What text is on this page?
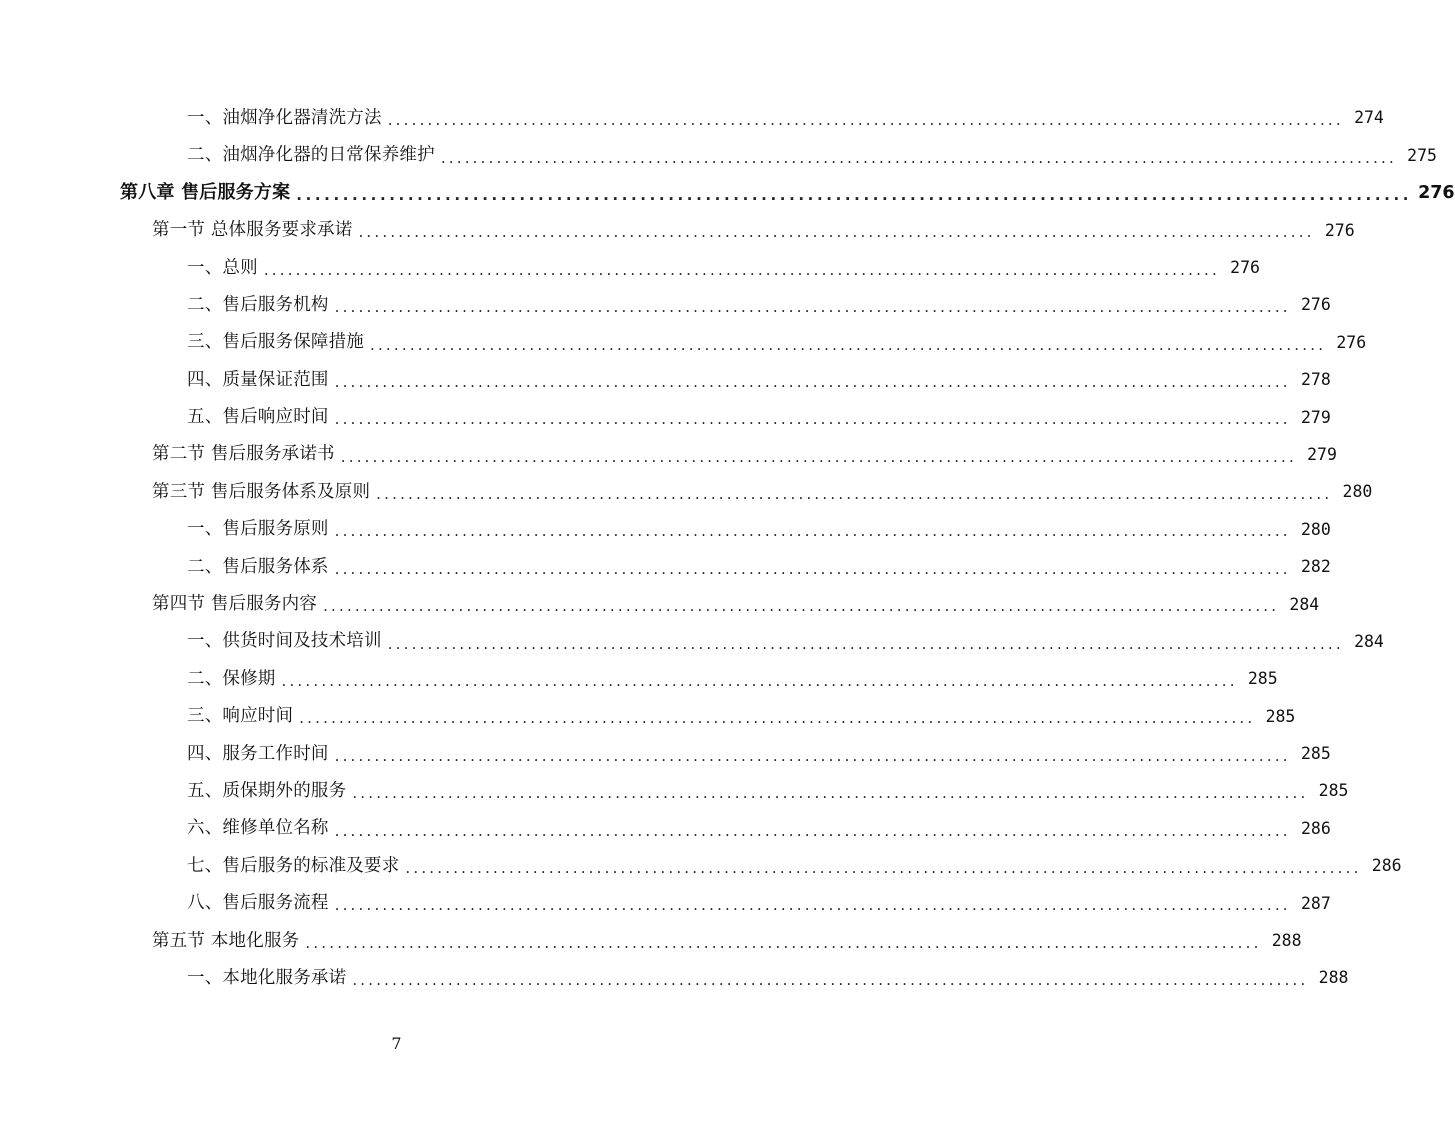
一、油烟净化器清洗方法 ........................................................................................................................ 274
二、油烟净化器的日常保养维护 ........................................................................................................................ 275
第八章 售后服务方案 ........................................................................................................................ 276
第一节 总体服务要求承诺 ........................................................................................................................ 276
一、总则 ........................................................................................................................ 276
二、售后服务机构 ........................................................................................................................ 276
三、售后服务保障措施 ........................................................................................................................ 276
四、质量保证范围 ........................................................................................................................ 278
五、售后响应时间 ........................................................................................................................ 279
第二节 售后服务承诺书 ........................................................................................................................ 279
第三节 售后服务体系及原则 ........................................................................................................................ 280
一、售后服务原则 ........................................................................................................................ 280
二、售后服务体系 ........................................................................................................................ 282
第四节 售后服务内容 ........................................................................................................................ 284
一、供货时间及技术培训 ........................................................................................................................ 284
二、保修期 ........................................................................................................................ 285
三、响应时间 ........................................................................................................................ 285
四、服务工作时间 ........................................................................................................................ 285
五、质保期外的服务 ........................................................................................................................ 285
六、维修单位名称 ........................................................................................................................ 286
七、售后服务的标准及要求 ........................................................................................................................ 286
八、售后服务流程 ........................................................................................................................ 287
第五节 本地化服务 ........................................................................................................................ 288
一、本地化服务承诺 ........................................................................................................................ 288
7
